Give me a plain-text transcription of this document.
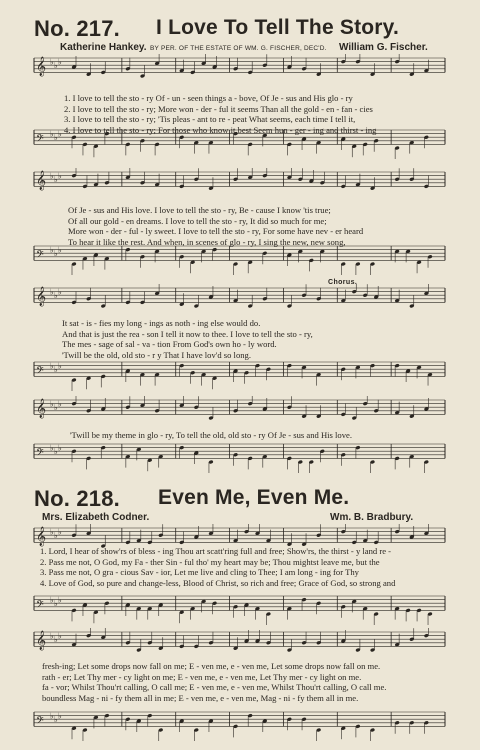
No. 217. I Love To Tell The Story.
Katherine Hankey. BY PER. OF THE ESTATE OF WM. G. FISCHER, DEC'D. William G. Fischer.
𝄞 ♭ ♭ ♭
𝄢 ♭ ♭ ♭
1. I love to tell the sto - ry Of - un - seen things a - bove, Of Je - sus and His glo - ry
2. I love to tell the sto - ry; More won - der - ful it seems Than all the gold - en - fan - cies
3. I love to tell the sto - ry; 'Tis pleas - ant to re - peat What seems, each time I tell it,
4. I love to tell the sto - ry; For those who know it best Seem hun - ger - ing and thirst - ing
𝄞 ♭ ♭ ♭
𝄢 ♭ ♭ ♭
Of Je - sus and His love. I love to tell the sto - ry, Be - cause I know 'tis true;
Of all our gold - en dreams. I love to tell the sto - ry, It did so much for me;
More won - der - ful - ly sweet. I love to tell the sto - ry, For some have nev - er heard
To hear it like the rest. And when, in scenes of glo - ry, I sing the new, new song,
Chorus.
𝄞 ♭ ♭ ♭
𝄢 ♭ ♭ ♭
It sat - is - fies my long - ings as noth - ing else would do.
And that is just the rea - son I tell it now to thee. I love to tell the sto - ry,
The mes - sage of sal - va - tion From God's own ho - ly word.
'Twill be the old, old sto - r y That I have lov'd so long.
𝄞 ♭ ♭ ♭
𝄢 ♭ ♭ ♭
'Twill be my theme in glo - ry, To tell the old, old sto - ry Of Je - sus and His love.
No. 218. Even Me, Even Me.
Mrs. Elizabeth Codner.	Wm. B. Bradbury.
𝄞 ♭ ♭ ♭
𝄢 ♭ ♭ ♭
1. Lord, I hear of show'rs of bless - ing Thou art scatt'ring full and free; Show'rs, the thirst - y land re -
2. Pass me not, O God, my Fa - ther Sin - ful tho' my heart may be; Thou mightst leave me, but the
3. Pass me not, O gra - cious Sav - ior, Let me live and cling to Thee; I am long - ing for Thy
4. Love of God, so pure and change-less, Blood of Christ, so rich and free; Grace of God, so strong and
𝄞 ♭ ♭ ♭
𝄢 ♭ ♭ ♭
fresh-ing; Let some drops now fall on me; E - ven me, e - ven me, Let some drops now fall on me.
rath - er; Let Thy mer - cy light on me; E - ven me, e - ven me, Let Thy mer - cy light on me.
fa - vor; Whilst Thou'rt calling, O call me; E - ven me, e - ven me, Whilst Thou'rt calling, O call me.
boundless Mag - ni - fy them all in me; E - ven me, e - ven me, Mag - ni - fy them all in me.
